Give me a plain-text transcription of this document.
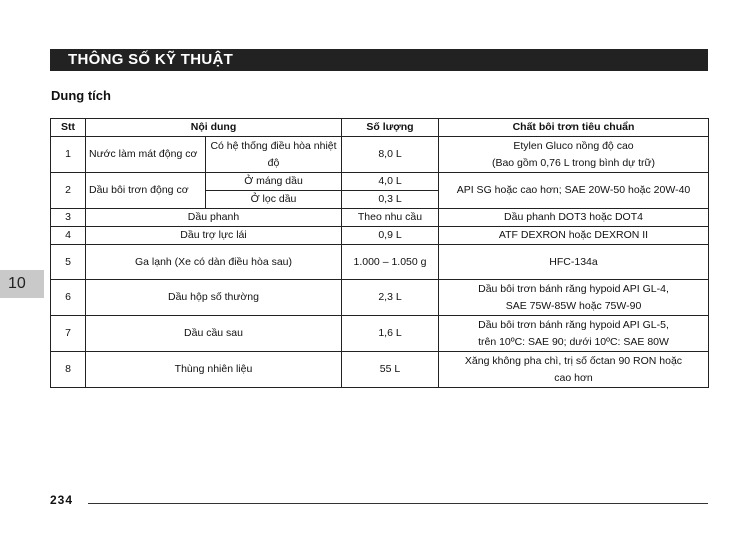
THÔNG SỐ KỸ THUẬT
Dung tích
10
Stt	Nội dung		Số lượng	Chất bôi trơn tiêu chuẩn
1	Nước làm mát động cơ	Có hệ thống điều hòa nhiệt độ	8,0 L	Etylen Gluco nồng độ cao
(Bao gồm 0,76 L trong bình dự trữ)

2	Dầu bôi trơn động cơ	Ở máng dầu	4,0 L	API SG hoặc cao hơn; SAE 20W-50 hoặc 20W-40
		Ở lọc dầu	0,3 L	
3	Dầu phanh		Theo nhu cầu	Dầu phanh DOT3 hoặc DOT4
4	Dầu trợ lực lái		0,9 L	ATF DEXRON hoặc DEXRON II
5	Ga lạnh (Xe có dàn điều hòa sau)		1.000 – 1.050 g	HFC-134a
6	Dầu hộp số thường		2,3 L	Dầu bôi trơn bánh răng hypoid API GL-4,
SAE 75W-85W hoặc 75W-90

7	Dầu cầu sau		1,6 L	Dầu bôi trơn bánh răng hypoid API GL-5,
trên 10ºC: SAE 90; dưới 10ºC: SAE 80W

8	Thùng nhiên liệu		55 L	Xăng không pha chì, trị số ốctan 90 RON hoặc
cao hơn
234
